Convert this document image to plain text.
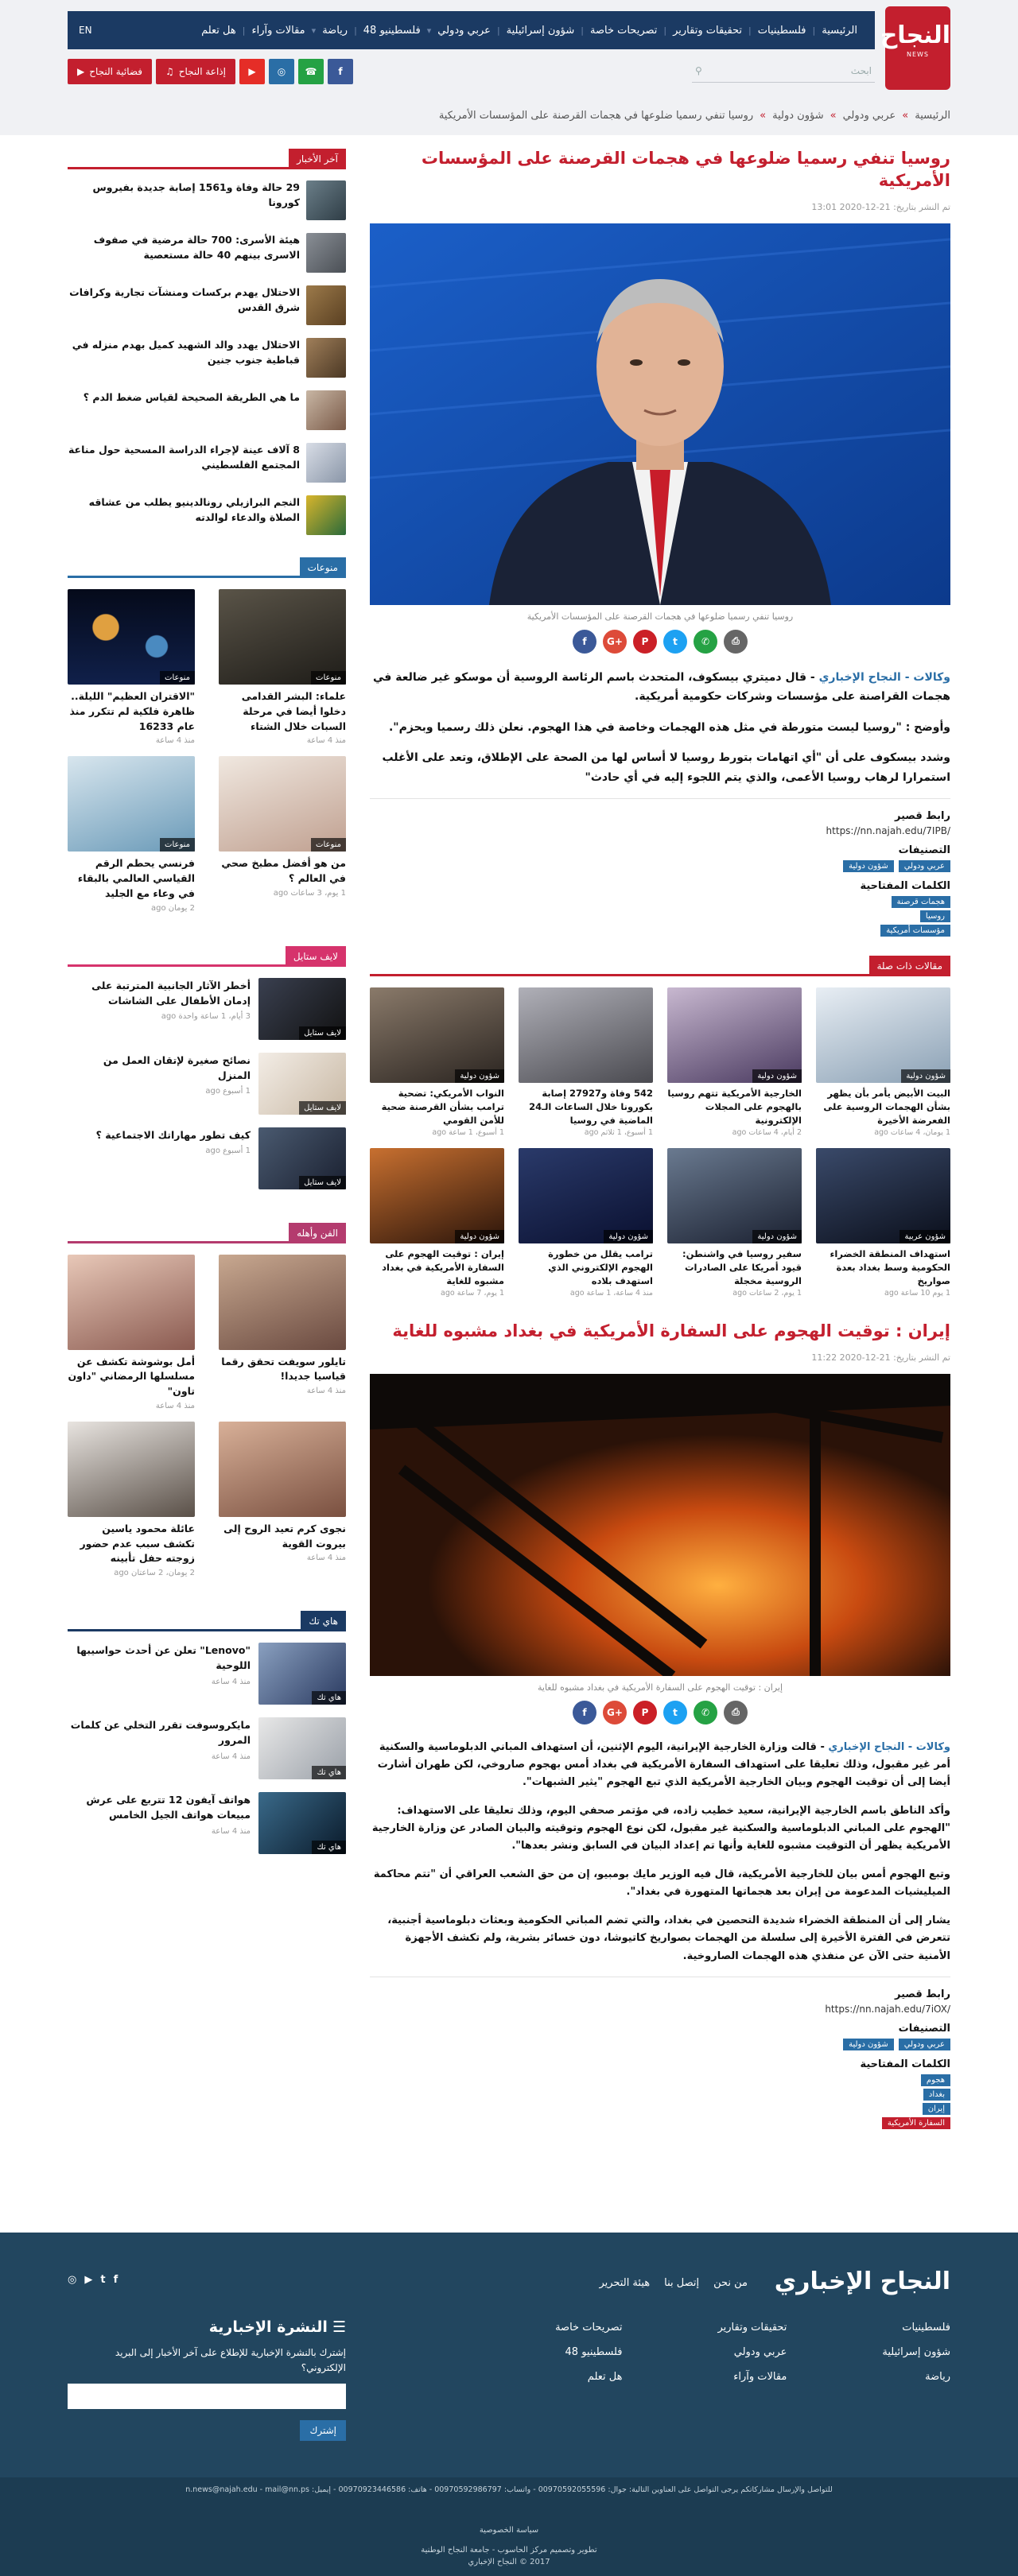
النجاح
NEWS
الرئيسية
|
فلسطينيات
|
تحقيقات وتقارير
|
تصريحات خاصة
|
شؤون إسرائيلية
|
عربي ودولي
▾
فلسطينيو 48
|
رياضة
▾
مقالات وآراء
|
هل تعلم
EN
ابحث
⚲
▶ فضائية النجاح ♫ إذاعة النجاح	▶	◎	☎	f
الرئيسية
»
عربي ودولي
»
شؤون دولية
»
روسيا تنفي رسميا ضلوعها في هجمات القرصنة على المؤسسات الأمريكية
آخر الأخبار
29 حالة وفاة و1561 إصابة جديدة بفيروس كورونا
هيئة الأسرى: 700 حالة مرضية في صفوف الاسرى بينهم 40 حالة مستعصية
الاحتلال يهدم بركسات ومنشآت تجارية وكرافات شرق القدس
الاحتلال يهدد والد الشهيد كميل بهدم منزله في قباطية جنوب جنين
ما هي الطريقة الصحيحة لقياس ضغط الدم ؟
8 آلاف عينة لإجراء الدراسة المسحية حول مناعة المجتمع الفلسطيني
النجم البرازيلي رونالدينيو يطلب من عشاقه الصلاة والدعاء لوالدته
منوعات
منوعات
علماء: البشر القدامى دخلوا أيضا في مرحلة السبات خلال الشتاء
منذ 4 ساعة
منوعات
"الاقتران العظيم" الليلة.. ظاهرة فلكية لم تتكرر منذ عام 16233
منذ 4 ساعة
منوعات
من هو أفضل مطبخ صحي في العالم ؟
1 يوم، 3 ساعات ago
منوعات
فرنسي يحطم الرقم القياسي العالمي بالبقاء في وعاء مع الجليد
2 يومان ago
لايف ستايل
لايف ستايل
أخطر الآثار الجانبية المترتبة على إدمان الأطفال على الشاشات
3 أيام، 1 ساعة واحدة ago
لايف ستايل
نصائح صغيرة لإتقان العمل من المنزل
1 أسبوع ago
لايف ستايل
كيف تطور مهاراتك الاجتماعية ؟
1 أسبوع ago
الفن وأهله
تايلور سويفت تحقق رقما قياسيا جديدا!
منذ 4 ساعة
أمل بوشوشة تكشف عن مسلسلها الرمضاني "داون تاون"
منذ 4 ساعة
نجوى كرم تعيد الروح إلى بيروت القوية
منذ 4 ساعة
عائلة محمود ياسين تكشف سبب عدم حضور زوجته حفل تأبينه
2 يومان، 2 ساعتان ago
هاي تك
هاي تك
"Lenovo" تعلن عن أحدث حواسيبها اللوحية
منذ 4 ساعة
هاي تك
مايكروسوفت تقرر التخلي عن كلمات المرور
منذ 4 ساعة
هاي تك
هواتف آيفون 12 تتربع على عرش مبيعات هواتف الجيل الخامس
منذ 4 ساعة
روسيا تنفي رسميا ضلوعها في هجمات القرصنة على المؤسسات الأمريكية
تم النشر بتاريخ: 21-12-2020 13:01
روسيا تنفي رسميا ضلوعها في هجمات القرصنة على المؤسسات الأمريكية
f	G+	P	t	✆	⎙

وكالات - النجاح الإخباري - قال دميتري بيسكوف، المتحدث باسم الرئاسة الروسية أن موسكو غير ضالعة في هجمات القراصنة على مؤسسات وشركات حكومية أمريكية.

وأوضح : "روسيا ليست متورطة في مثل هذه الهجمات وخاصة في هذا الهجوم. نعلن ذلك رسميا وبحزم".

وشدد بيسكوف على أن "أي اتهامات بتورط روسيا لا أساس لها من الصحة على الإطلاق، وتعد على الأغلب استمرارا لرهاب روسيا الأعمى، والذي يتم اللجوء إليه في أي حادث"

رابط قصير
https://nn.najah.edu/7IPB/
التصنيفات
عربي ودولي
شؤون دولية
الكلمات المفتاحية
هجمات قرصنة
روسيا
مؤسسات أمريكية
مقالات ذات صلة
شؤون دولية
البيت الأبيض يأمر بأن يظهر بشأن الهجمات الروسية على الفعرضة الأخيرة
1 يومان، 4 ساعات ago
شؤون دولية
الخارجية الأمريكية تتهم روسيا بالهجوم على المجلات الإلكترونية
2 أيام، 4 ساعات ago
542 وفاة و27927 إصابة بكورونا خلال الساعات الـ24 الماضية في روسيا
1 أسبوع، 1 ثلاثم ago
شؤون دولية
النواب الأمريكي: تضحية ترامب بشأن القرصنة ضحية للأمن القومي
1 أسبوع، 1 ساعة ago
شؤون عربية
استهداف المنطقة الخضراء الحكومية وسط بغداد بعدة صواريخ
1 يوم 10 ساعة ago
شؤون دولية
سفير روسيا في واشنطن: قيود أمريكا على الصادرات الروسية مخجلة
1 يوم، 2 ساعات ago
شؤون دولية
ترامب يقلل من خطورة الهجوم الإلكتروني الذي استهدف بلاده
منذ 4 ساعة، 1 ساعة ago
شؤون دولية
إيران : توقيت الهجوم على السفارة الأمريكية في بغداد مشبوه للغاية
1 يوم، 7 ساعة ago
إيران : توقيت الهجوم على السفارة الأمريكية في بغداد مشبوه للغاية
تم النشر بتاريخ: 21-12-2020 11:22
إيران : توقيت الهجوم على السفارة الأمريكية في بغداد مشبوه للغاية
f	G+	P	t	✆	⎙

وكالات - النجاح الإخباري - قالت وزارة الخارجية الإيرانية، اليوم الإثنين، أن استهداف المباني الدبلوماسية والسكنية أمر غير مقبول، وذلك تعليقا على استهداف السفارة الأمريكية في بغداد أمس بهجوم صاروخي، لكن طهران أشارت أيضا إلى أن توقيت الهجوم وبيان الخارجية الأمريكية الذي تبع الهجوم "يثير الشبهات".

وأكد الناطق باسم الخارجية الإيرانية، سعيد خطيب زاده، في مؤتمر صحفي اليوم، وذلك تعليقا على الاستهداف: "الهجوم على المباني الدبلوماسية والسكنية غير مقبول، لكن نوع الهجوم وتوقيته والبيان الصادر عن وزارة الخارجية الأمريكية يظهر أن التوقيت مشبوه للغاية وأنها تم إعداد البيان في السابق ونشر بعدها".

وتبع الهجوم أمس بيان للخارجية الأمريكية، قال فيه الوزير مايك بومبيو، إن من حق الشعب العراقي أن "تتم محاكمة الميليشيات المدعومة من إيران بعد هجماتها المتهورة في بغداد".

يشار إلى أن المنطقة الخضراء شديدة التحصين في بغداد، والتي تضم المباني الحكومية وبعثات دبلوماسية أجنبية، تتعرض في الفترة الأخيرة إلى سلسلة من الهجمات بصواريخ كاتيوشا، دون خسائر بشرية، ولم تكشف الأجهزة الأمنية حتى الآن عن منفذي هذه الهجمات الصاروخية.

رابط قصير
https://nn.najah.edu/7iOX/
التصنيفات
عربي ودولي
شؤون دولية
الكلمات المفتاحية
هجوم
بغداد
إيران
السفارة الأمريكية
النجاح الإخباري
من نحن
إتصل بنا
هيئة التحرير
◎ ▶ t f
فلسطينيات
شؤون إسرائيلية
رياضة
تحقيقات وتقارير
عربي ودولي
مقالات وآراء
تصريحات خاصة
فلسطينيو 48
هل تعلم
☰
النشرة الإخبارية
إشترك بالنشرة الإخبارية للإطلاع على آخر الأخبار إلى البريد الإلكتروني؟
إشترك
للتواصل والإرسال مشاركاتكم يرجى التواصل على العناوين التالية: جوال: 00970592055596 - واتساب: 00970592986797 - هاتف: 00970923446586 - إيميل: n.news@najah.edu - mail@nn.ps
سياسة الخصوصية
تطوير وتصميم مركز الحاسوب - جامعة النجاح الوطنية
2017 © النجاح الإخباري
